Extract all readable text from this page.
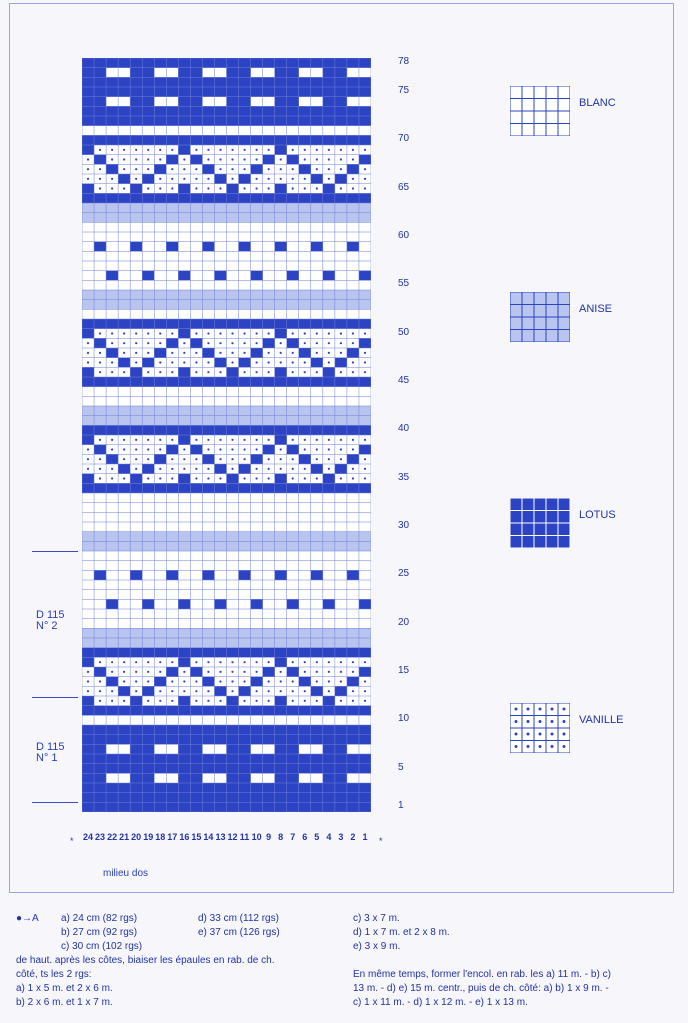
78
75
70
65
60
55
50
45
40
35
30
25
20
15
10
5
1
24 23 22 21 20 19 18 17 16 15 14 13 12 11 10 9 8 7 6 5 4 3 2 1
*	*
milieu dos
D 115
N° 2
D 115
N° 1
BLANC
ANISE
LOTUS
VANILLE
●→A a) 24 cm (82 rgs)
b) 27 cm (92 rgs)
c) 30 cm (102 rgs)
d) 33 cm (112 rgs)
e) 37 cm (126 rgs)
c) 3 x 7 m.
d) 1 x 7 m. et 2 x 8 m.
e) 3 x 9 m.
de haut. après les côtes, biaiser les épaules en rab. de ch.
côté, ts les 2 rgs:
a) 1 x 5 m. et 2 x 6 m.
b) 2 x 6 m. et 1 x 7 m.
En même temps, former l'encol. en rab. les a) 11 m. - b) c)
13 m. - d) e) 15 m. centr., puis de ch. côté: a) b) 1 x 9 m. -
c) 1 x 11 m. - d) 1 x 12 m. - e) 1 x 13 m.
